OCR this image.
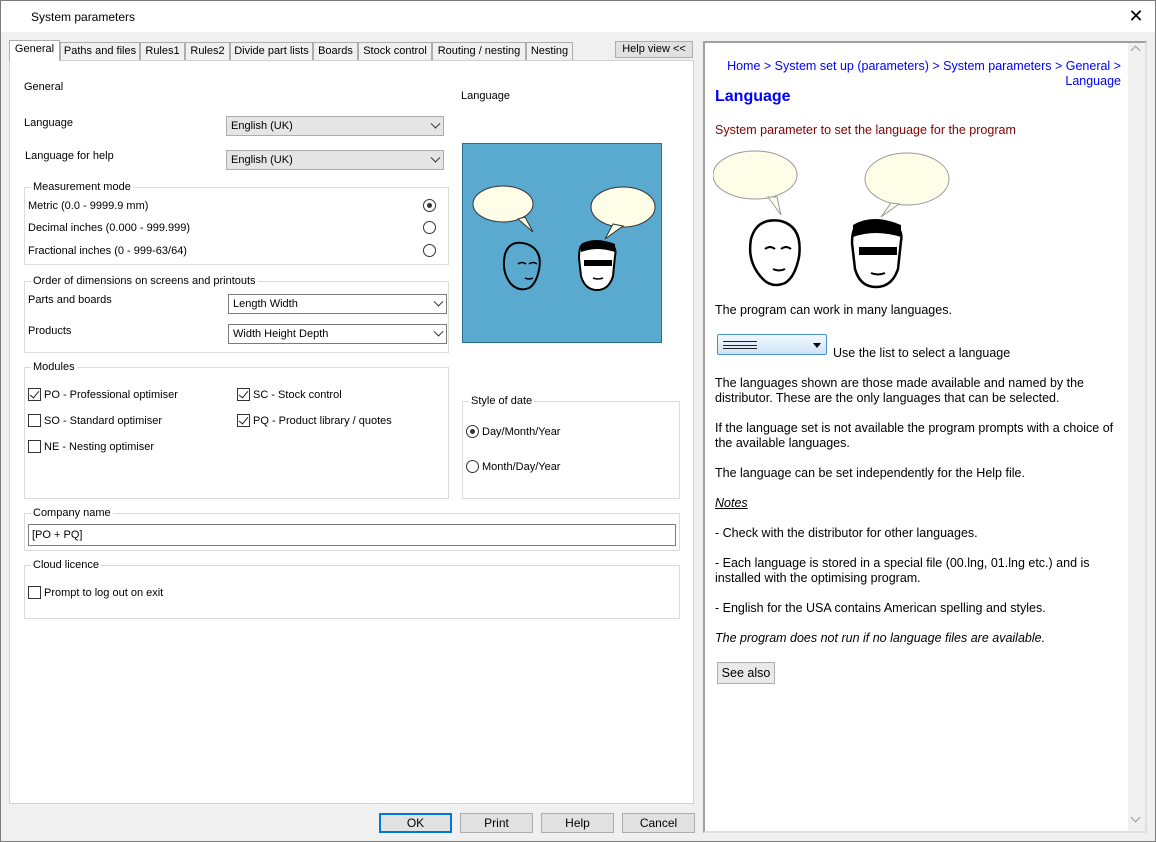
System parameters	✕
General Paths and files Rules1 Rules2 Divide part lists Boards Stock control Routing / nesting Nesting	Help view <<
General
Language	English (UK)
Language for help	English (UK)
Language
Measurement mode
Metric (0.0 - 9999.9 mm)
Decimal inches (0.000 - 999.999)
Fractional inches (0 - 999-63/64)
Order of dimensions on screens and printouts
Parts and boards	Length Width
Products	Width Height Depth
Modules
PO - Professional optimiser
SO - Standard optimiser
NE - Nesting optimiser
SC - Stock control
PQ - Product library / quotes
Style of date
Day/Month/Year
Month/Day/Year
Company name
[PO + PQ]
Cloud licence
Prompt to log out on exit
OK	Print	Help	Cancel

Home > System set up (parameters) > System parameters > General > Language

Language

System parameter to set the language for the program

The program can work in many languages.

Use the list to select a language

The languages shown are those made available and named by the distributor. These are the only languages that can be selected.

If the language set is not available the program prompts with a choice of the available languages.

The language can be set independently for the Help file.

Notes

- Check with the distributor for other languages.

- Each language is stored in a special file (00.lng, 01.lng etc.) and is installed with the optimising program.

- English for the USA contains American spelling and styles.

The program does not run if no language files are available.

See also
